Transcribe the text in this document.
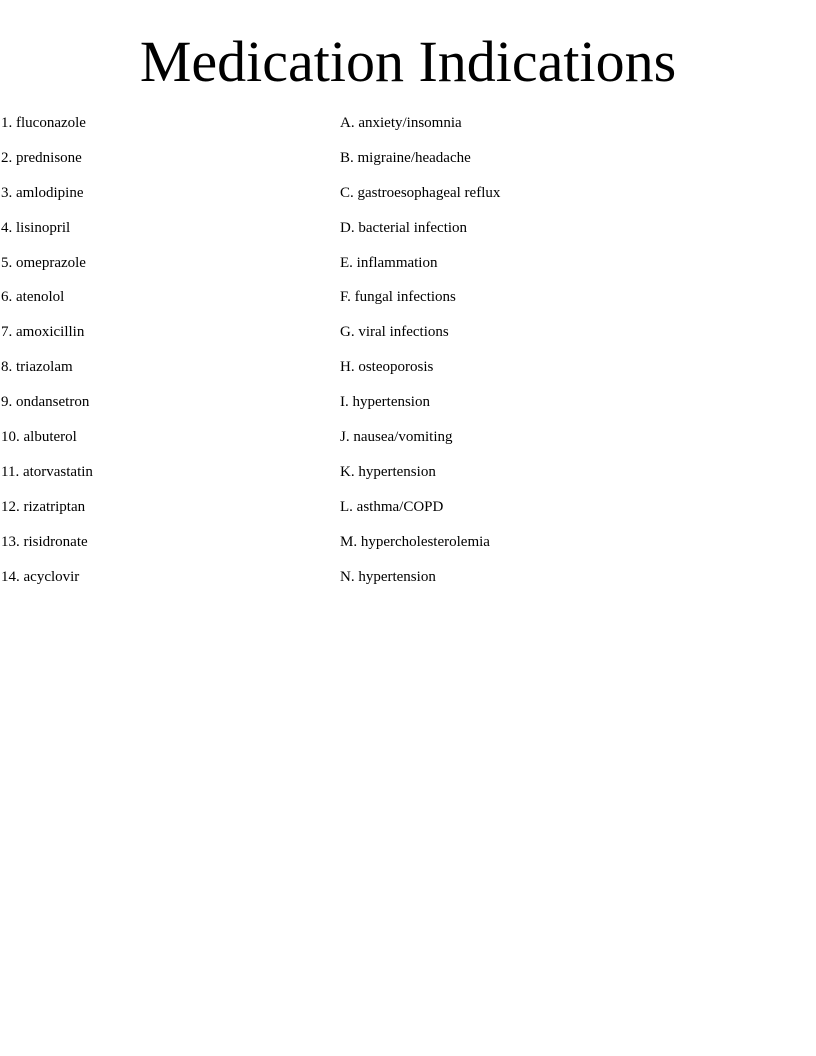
Medication Indications
1. fluconazole	A. anxiety/insomnia
2. prednisone	B. migraine/headache
3. amlodipine	C. gastroesophageal reflux
4. lisinopril	D. bacterial infection
5. omeprazole	E. inflammation
6. atenolol	F. fungal infections
7. amoxicillin	G. viral infections
8. triazolam	H. osteoporosis
9. ondansetron	I. hypertension
10. albuterol	J. nausea/vomiting
11. atorvastatin	K. hypertension
12. rizatriptan	L. asthma/COPD
13. risidronate	M. hypercholesterolemia
14. acyclovir	N. hypertension
